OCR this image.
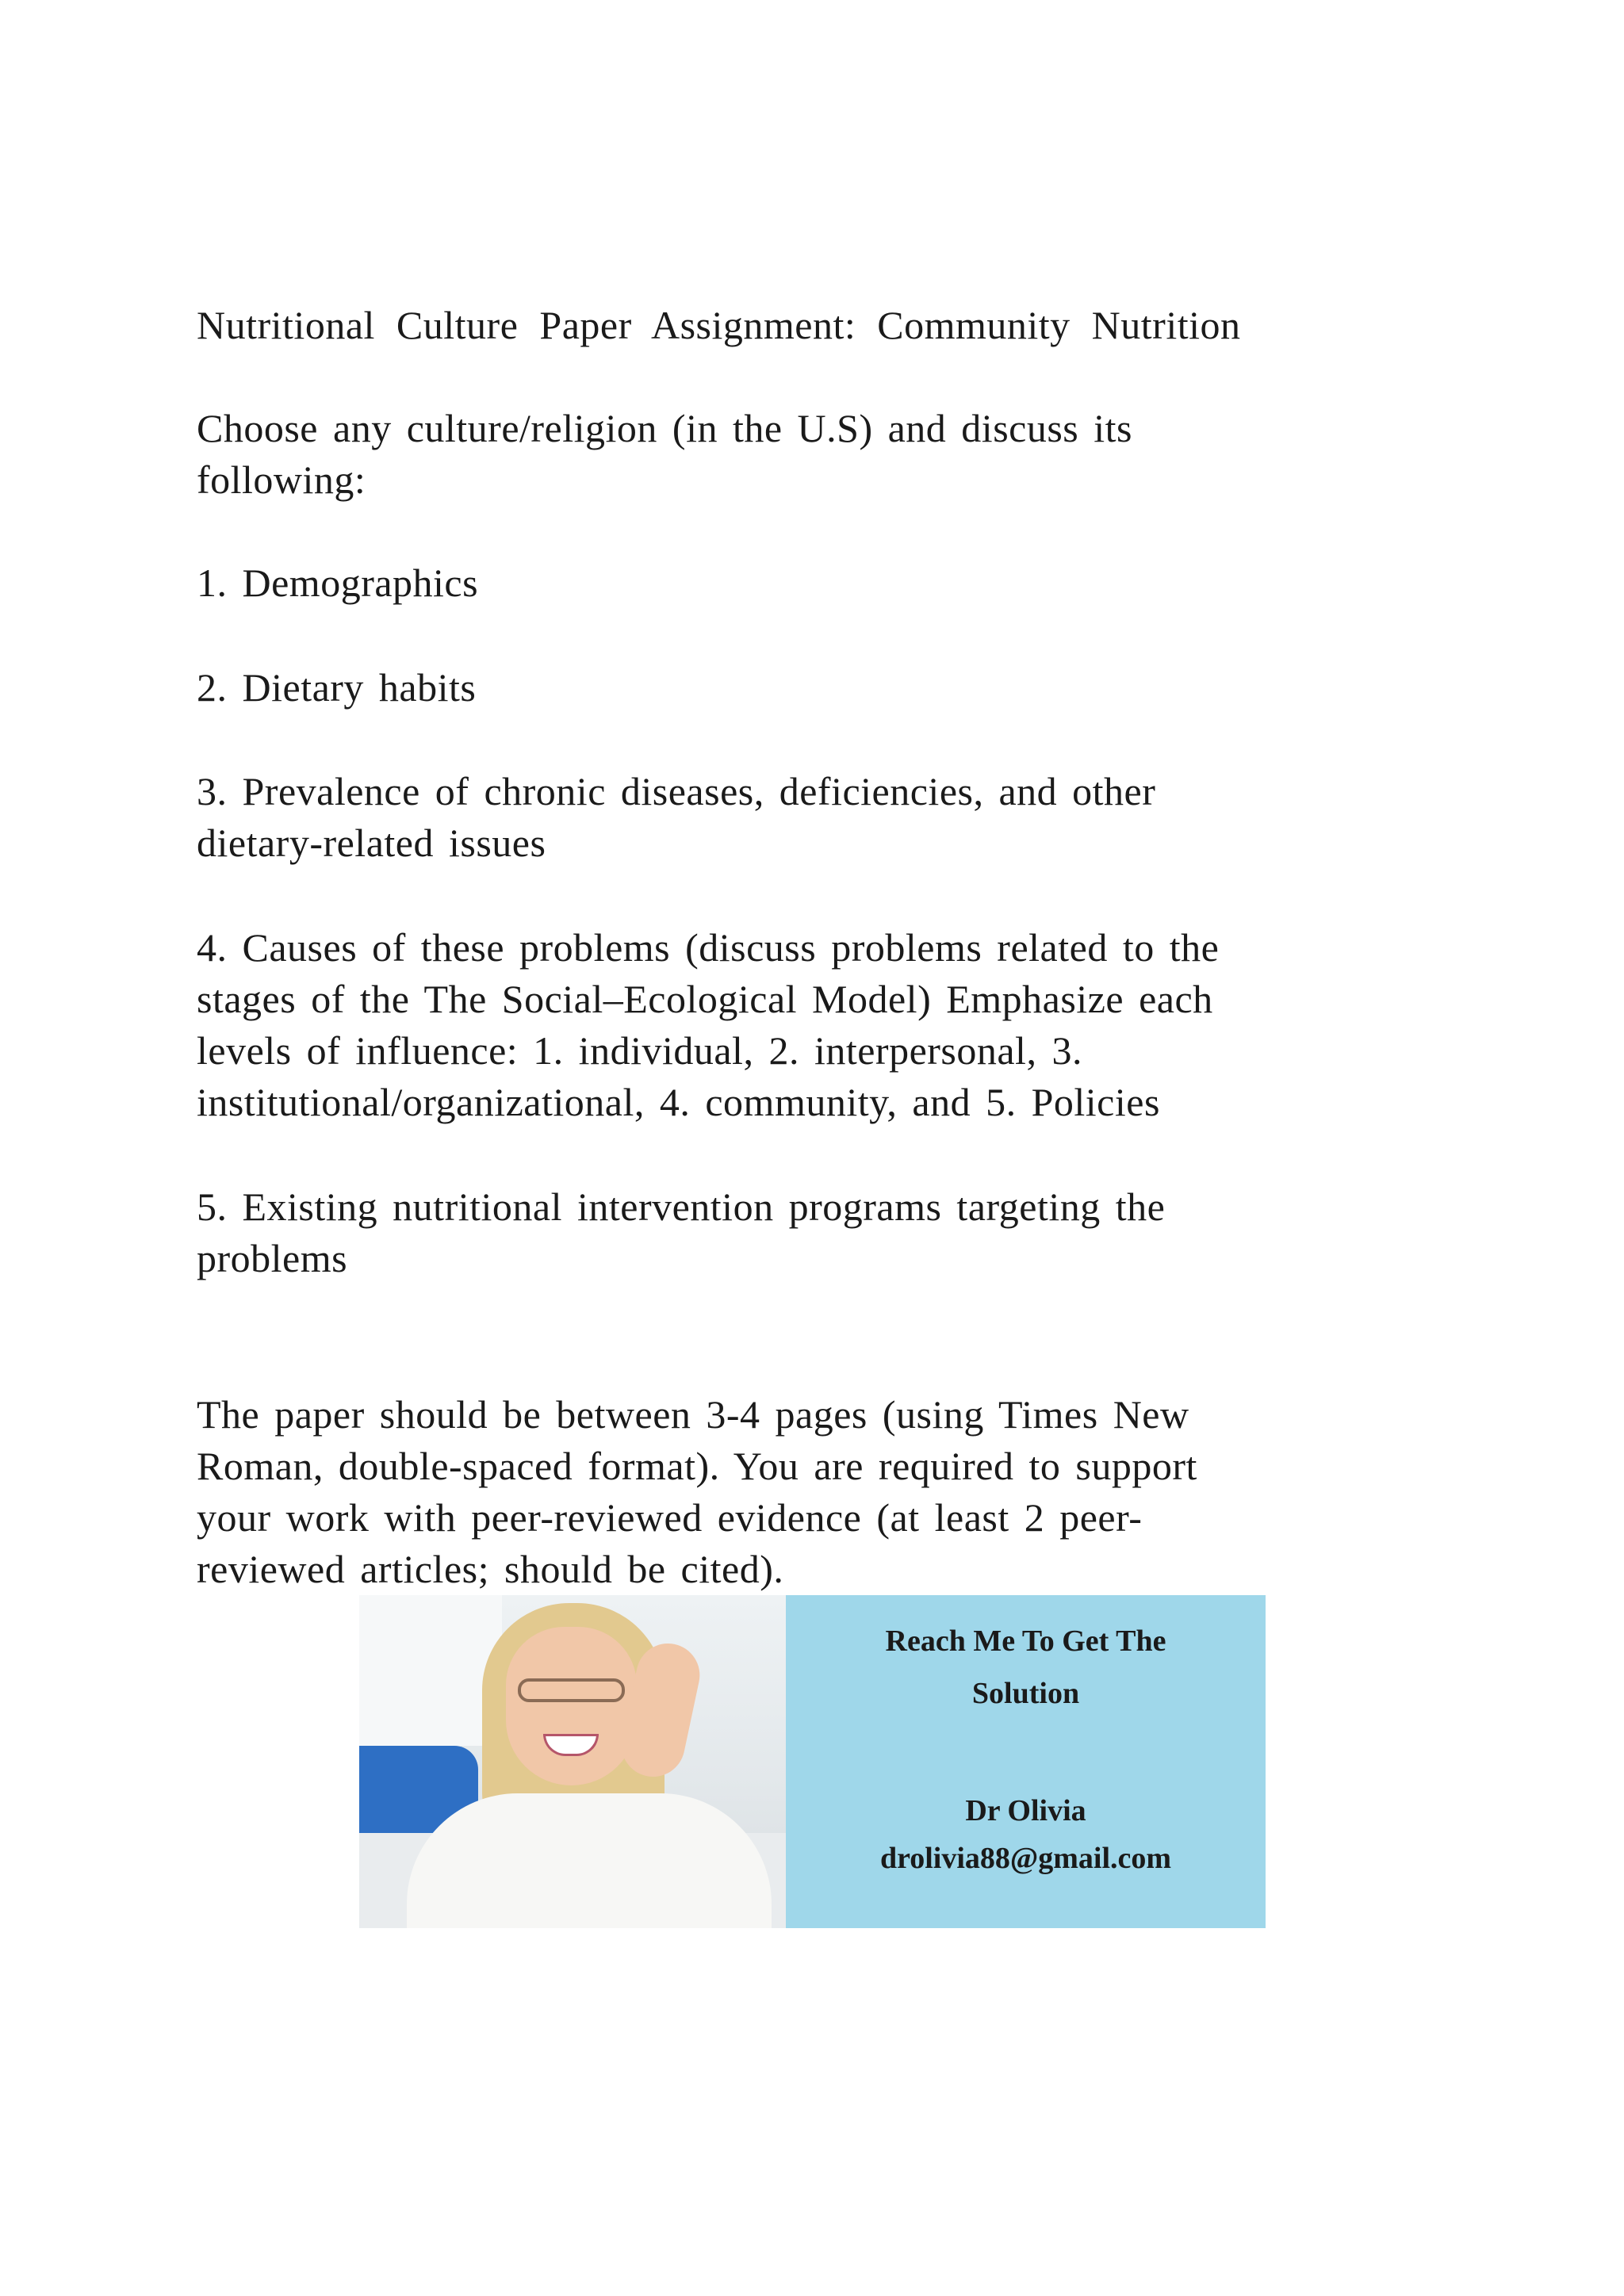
Nutritional Culture Paper Assignment: Community Nutrition

Choose any culture/religion (in the U.S) and discuss its
following:

1. Demographics

2. Dietary habits

3. Prevalence of chronic diseases, deficiencies, and other
dietary-related issues

4. Causes of these problems (discuss problems related to the
stages of the The Social–Ecological Model) Emphasize each
levels of influence: 1. individual, 2. interpersonal, 3.
institutional/organizational, 4. community, and 5. Policies

5. Existing nutritional intervention programs targeting the
problems

The paper should be between 3-4 pages (using Times New
Roman, double-spaced format). You are required to support
your work with peer-reviewed evidence (at least 2 peer-
reviewed articles; should be cited).

Reach Me To Get The
Solution
Dr Olivia
drolivia88@gmail.com
